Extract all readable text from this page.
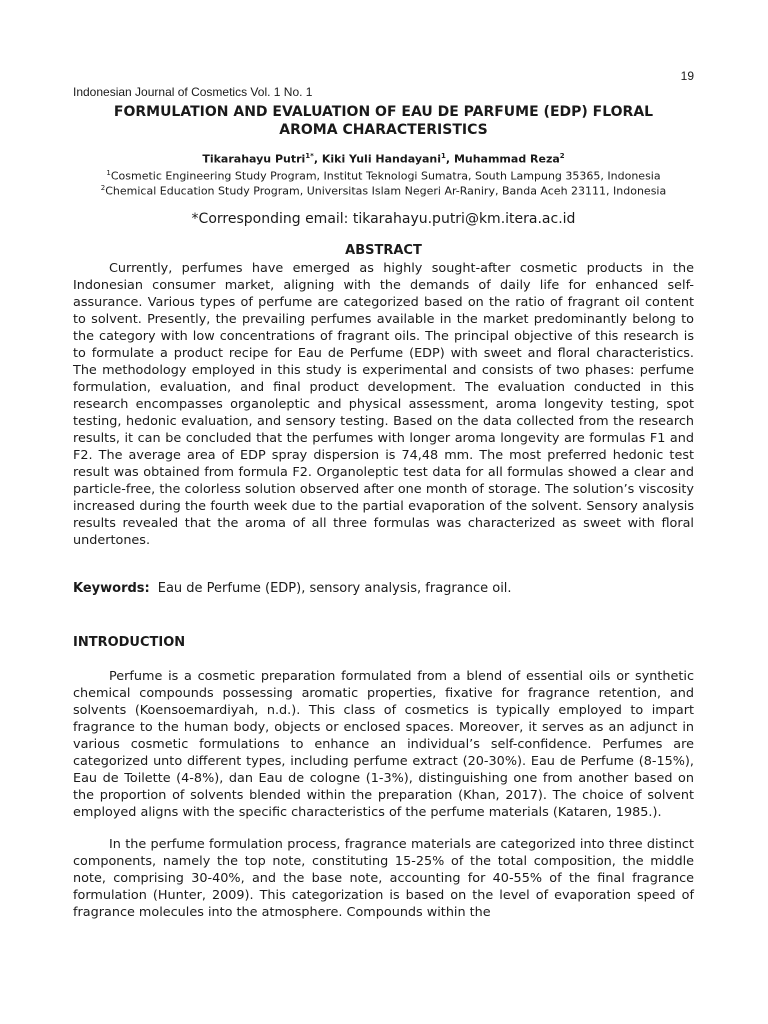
19
Indonesian Journal of Cosmetics Vol. 1 No. 1
FORMULATION AND EVALUATION OF EAU DE PARFUME (EDP) FLORAL
AROMA CHARACTERISTICS
Tikarahayu Putri$^{1*}$, Kiki Yuli Handayani$^1$, Muhammad Reza$^2$
$^1$Cosmetic Engineering Study Program, Institut Teknologi Sumatra, South Lampung 35365, Indonesia
$^2$Chemical Education Study Program, Universitas Islam Negeri Ar-Raniry, Banda Aceh 23111, Indonesia
*Corresponding email: tikarahayu.putri@km.itera.ac.id
ABSTRACT

Currently, perfumes have emerged as highly sought-after cosmetic products in the Indonesian consumer market, aligning with the demands of daily life for enhanced self-assurance. Various types of perfume are categorized based on the ratio of fragrant oil content to solvent. Presently, the prevailing perfumes available in the market predominantly belong to the category with low concentrations of fragrant oils. The principal objective of this research is to formulate a product recipe for Eau de Perfume (EDP) with sweet and floral characteristics. The methodology employed in this study is experimental and consists of two phases: perfume formulation, evaluation, and final product development. The evaluation conducted in this research encompasses organoleptic and physical assessment, aroma longevity testing, spot testing, hedonic evaluation, and sensory testing. Based on the data collected from the research results, it can be concluded that the perfumes with longer aroma longevity are formulas F1 and F2. The average area of EDP spray dispersion is 74,48 mm. The most preferred hedonic test result was obtained from formula F2. Organoleptic test data for all formulas showed a clear and particle-free, the colorless solution observed after one month of storage. The solution’s viscosity increased during the fourth week due to the partial evaporation of the solvent. Sensory analysis results revealed that the aroma of all three formulas was characterized as sweet with floral undertones.

Keywords: Eau de Perfume (EDP), sensory analysis, fragrance oil.
INTRODUCTION

Perfume is a cosmetic preparation formulated from a blend of essential oils or synthetic chemical compounds possessing aromatic properties, fixative for fragrance retention, and solvents (Koensoemardiyah, n.d.). This class of cosmetics is typically employed to impart fragrance to the human body, objects or enclosed spaces. Moreover, it serves as an adjunct in various cosmetic formulations to enhance an individual’s self-confidence. Perfumes are categorized unto different types, including perfume extract (20-30%). Eau de Perfume (8-15%), Eau de Toilette (4-8%), dan Eau de cologne (1-3%), distinguishing one from another based on the proportion of solvents blended within the preparation (Khan, 2017). The choice of solvent employed aligns with the specific characteristics of the perfume materials (Kataren, 1985.).

In the perfume formulation process, fragrance materials are categorized into three distinct components, namely the top note, constituting 15-25% of the total composition, the middle note, comprising 30-40%, and the base note, accounting for 40-55% of the final fragrance formulation (Hunter, 2009). This categorization is based on the level of evaporation speed of fragrance molecules into the atmosphere. Compounds within the
